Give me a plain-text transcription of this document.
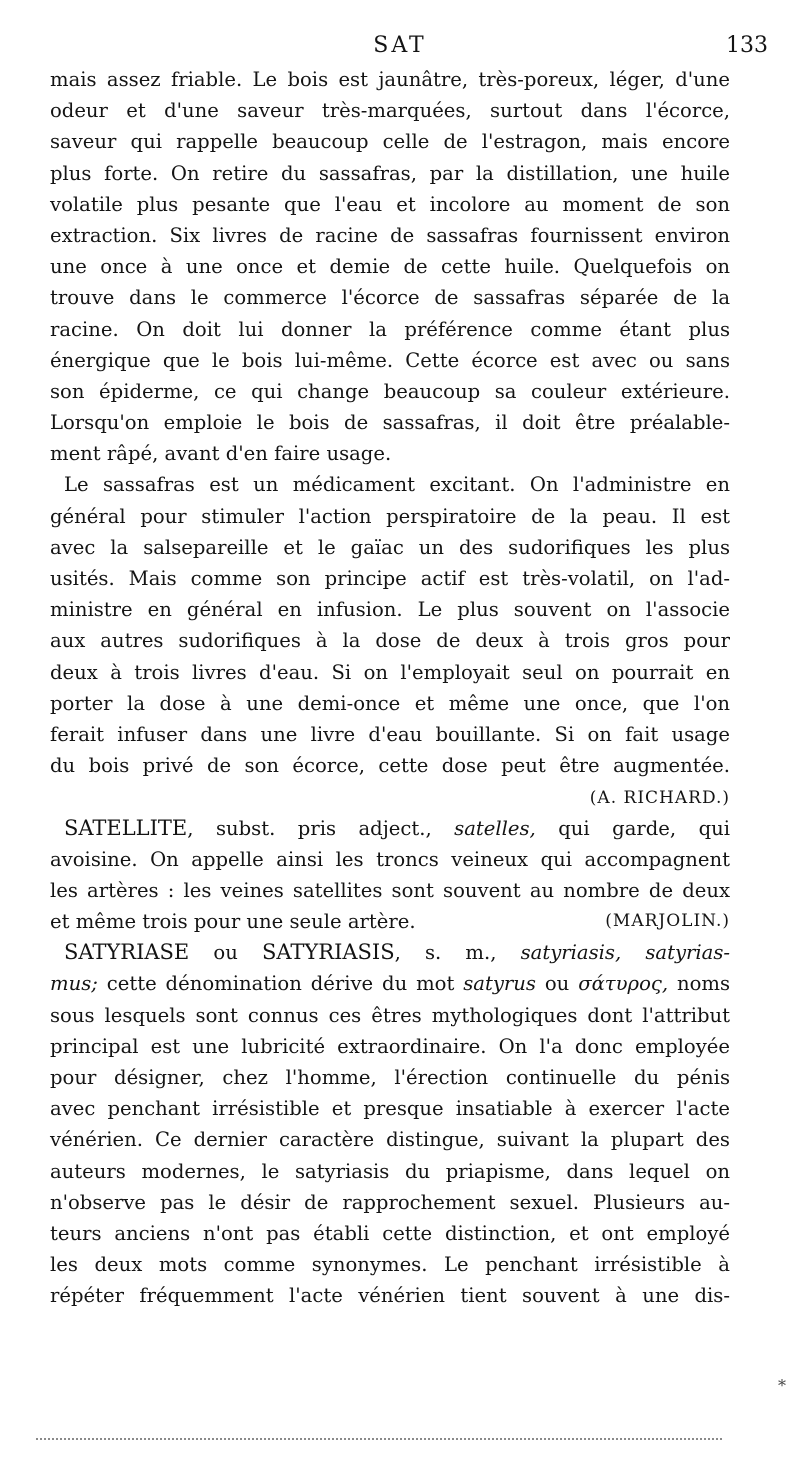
SAT	133
mais assez friable. Le bois est jaunâtre, très-poreux, léger, d'une
odeur et d'une saveur très-marquées, surtout dans l'écorce,
saveur qui rappelle beaucoup celle de l'estragon, mais encore
plus forte. On retire du sassafras, par la distillation, une huile
volatile plus pesante que l'eau et incolore au moment de son
extraction. Six livres de racine de sassafras fournissent environ
une once à une once et demie de cette huile. Quelquefois on
trouve dans le commerce l'écorce de sassafras séparée de la
racine. On doit lui donner la préférence comme étant plus
énergique que le bois lui-même. Cette écorce est avec ou sans
son épiderme, ce qui change beaucoup sa couleur extérieure.
Lorsqu'on emploie le bois de sassafras, il doit être préalable-
ment râpé, avant d'en faire usage.
Le sassafras est un médicament excitant. On l'administre en
général pour stimuler l'action perspiratoire de la peau. Il est
avec la salsepareille et le gaïac un des sudorifiques les plus
usités. Mais comme son principe actif est très-volatil, on l'ad-
ministre en général en infusion. Le plus souvent on l'associe
aux autres sudorifiques à la dose de deux à trois gros pour
deux à trois livres d'eau. Si on l'employait seul on pourrait en
porter la dose à une demi-once et même une once, que l'on
ferait infuser dans une livre d'eau bouillante. Si on fait usage
du bois privé de son écorce, cette dose peut être augmentée.
(A. RICHARD.)
SATELLITE, subst. pris adject., satelles, qui garde, qui
avoisine. On appelle ainsi les troncs veineux qui accompagnent
les artères : les veines satellites sont souvent au nombre de deux
et même trois pour une seule artère.	(MARJOLIN.)
SATYRIASE ou SATYRIASIS, s. m., satyriasis, satyrias-
mus; cette dénomination dérive du mot satyrus ou σάτυρος, noms
sous lesquels sont connus ces êtres mythologiques dont l'attribut
principal est une lubricité extraordinaire. On l'a donc employée
pour désigner, chez l'homme, l'érection continuelle du pénis
avec penchant irrésistible et presque insatiable à exercer l'acte
vénérien. Ce dernier caractère distingue, suivant la plupart des
auteurs modernes, le satyriasis du priapisme, dans lequel on
n'observe pas le désir de rapprochement sexuel. Plusieurs au-
teurs anciens n'ont pas établi cette distinction, et ont employé
les deux mots comme synonymes. Le penchant irrésistible à
répéter fréquemment l'acte vénérien tient souvent à une dis-
*
